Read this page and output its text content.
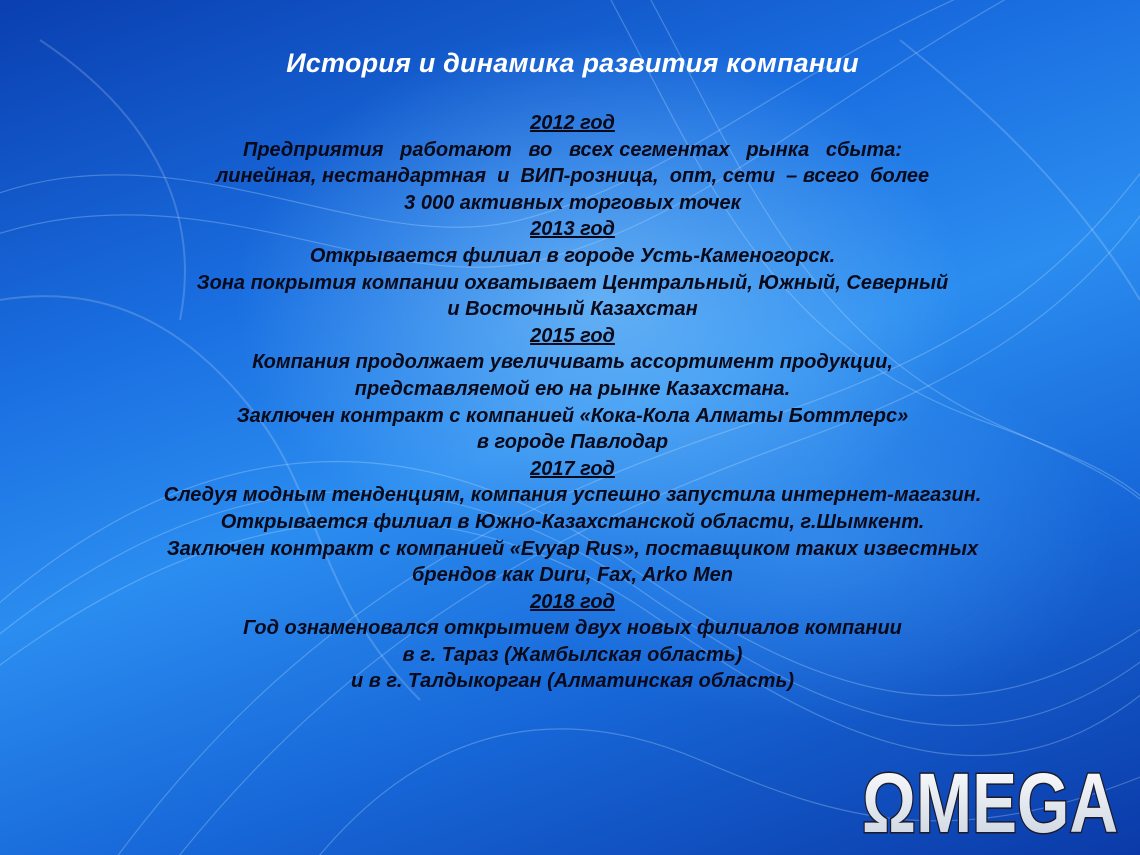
История и динамика развития компании
2012 год
Предприятия   работают   во   всех сегментах   рынка   сбыта:
линейная, нестандартная  и  ВИП-розница,  опт, сети  – всего  более
3 000 активных торговых точек
2013 год
Открывается филиал в городе Усть-Каменогорск.
Зона покрытия компании охватывает Центральный, Южный, Северный
и Восточный Казахстан
2015 год
Компания продолжает увеличивать ассортимент продукции,
представляемой ею на рынке Казахстана.
Заключен контракт с компанией «Кока-Кола Алматы Боттлерс»
в городе Павлодар
2017 год
Следуя модным тенденциям, компания успешно запустила интернет-магазин.
Открывается филиал в Южно-Казахстанской области, г.Шымкент.
Заключен контракт с компанией «Evyap Rus», поставщиком таких известных
брендов как Duru, Fax, Arko Men
2018 год
Год ознаменовался открытием двух новых филиалов компании
в г. Тараз (Жамбылская область)
и в г. Талдыкорган (Алматинская область)
ΩMEGA
